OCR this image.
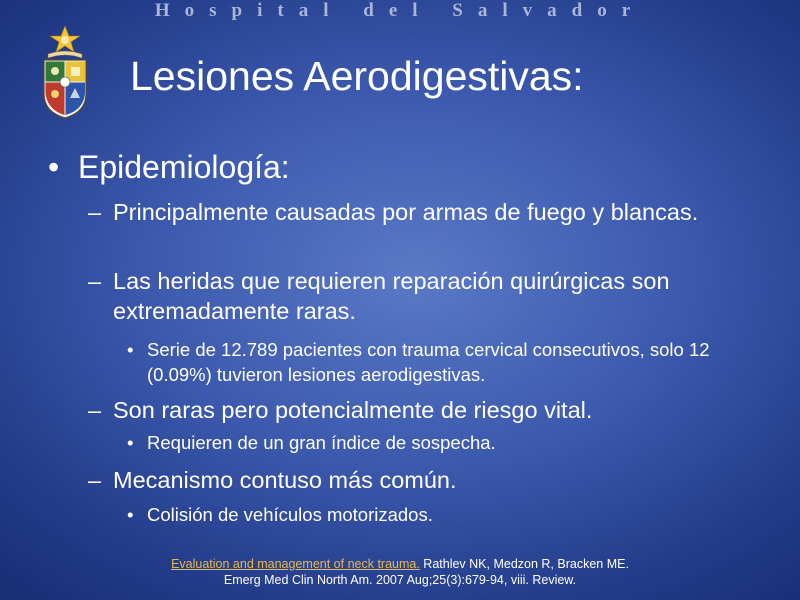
Hospital del Salvador
Lesiones Aerodigestivas:
• Epidemiología:
– Principalmente causadas por armas de fuego y blancas.
– Las heridas que requieren reparación quirúrgicas son extremadamente raras.
• Serie de 12.789 pacientes con trauma cervical consecutivos, solo 12 (0.09%) tuvieron lesiones aerodigestivas.
– Son raras pero potencialmente de riesgo vital.
• Requieren de un gran índice de sospecha.
– Mecanismo contuso más común.
• Colisión de vehículos motorizados.
Evaluation and management of neck trauma. Rathlev NK, Medzon R, Bracken ME.
Emerg Med Clin North Am. 2007 Aug;25(3):679-94, viii. Review.
